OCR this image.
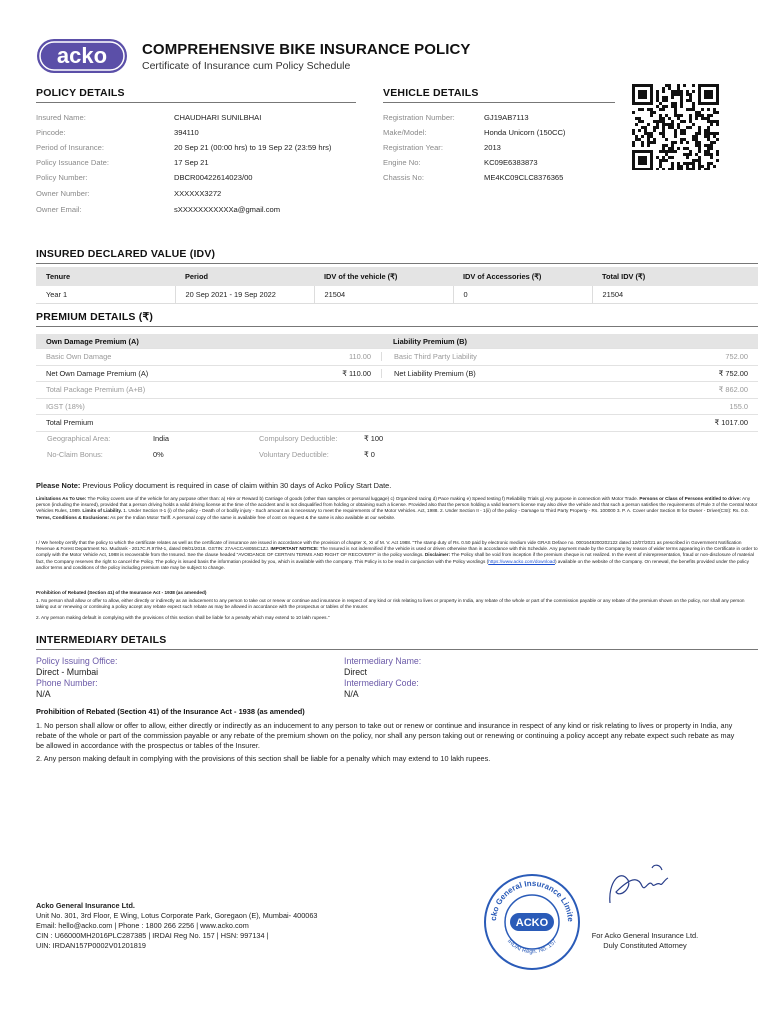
acko COMPREHENSIVE BIKE INSURANCE POLICY
Certificate of Insurance cum Policy Schedule
POLICY DETAILS
Insured Name:	CHAUDHARI SUNILBHAI
Pincode:	394110
Period of Insurance:	20 Sep 21 (00:00 hrs) to 19 Sep 22 (23:59 hrs)
Policy Issuance Date:	17 Sep 21
Policy Number:	DBCR00422614023/00
Owner Number:	XXXXXX3272
Owner Email:	sXXXXXXXXXXXa@gmail.com
VEHICLE DETAILS
Registration Number:	GJ19AB7113
Make/Model:	Honda Unicorn (150CC)
Registration Year:	2013
Engine No:	KC09E6383873
Chassis No:	ME4KC09CLC8376365
INSURED DECLARED VALUE (IDV)
Tenure	Period	IDV of the vehicle (₹)	IDV of Accessories (₹)	Total IDV (₹)
Year 1	20 Sep 2021 - 19 Sep 2022	21504	0	21504
PREMIUM DETAILS (₹)
Own Damage Premium (A)	Liability Premium (B)
Basic Own Damage	110.00	Basic Third Party Liability	752.00
Net Own Damage Premium (A)	₹ 110.00	Net Liability Premium (B)	₹ 752.00
Total Package Premium (A+B)	₹ 862.00
IGST (18%)	155.0
Total Premium	₹ 1017.00
Geographical Area:	India
No-Claim Bonus:	0%
Compulsory Deductible:	₹ 100
Voluntary Deductible:	₹ 0
Please Note: Previous Policy document is required in case of claim within 30 days of Acko Policy Start Date.
Limitations As To Use: The Policy covers use of the vehicle for any purpose other than: a) Hire or Reward b) Carriage of goods (other than samples or personal luggage) c) Organized racing d) Pace making e) Speed testing f) Reliability Trials g) Any purpose in connection with Motor Trade. Persons or Class of Persons entitled to drive: Any person (including the insured), provided that a person driving holds a valid driving license at the time of the accident and is not disqualified from holding or obtaining such a license. Provided also that the person holding a valid learner's license may also drive the vehicle and that such a person satisfies the requirements of Rule 3 of the Central Motor Vehicles Rules, 1989. Limits of Liability. 1. Under Section II-1 (i) of the policy - Death of or bodily injury - Such amount as is necessary to meet the requirements of the Motor Vehicles. Act, 1988. 2. Under Section II - 1(ii) of the policy - Damage to Third Party Property - Rs. 100000 3. P. A. Cover under Section III for Owner - Driver(CSI): Rs. 0.0. Terms, Conditions & Exclusions: As per the Indian Motor Tariff. A personal copy of the same is available free of cost on request & the same is also available at our website.
I / We hereby certify that the policy to which the certificate relates as well as the certificate of insurance are issued in accordance with the provision of chapter X, XI of M. V. Act 1988. "The stamp duty of Rs. 0.50 paid by electronic medium vide GRAS Deface no. 0001649200202122 dated 12/07/2021 as prescribed in Government Notification Revenue & Forest Department No. Mudrank - 2017C.R.97/M-1, dated 09/01/2018. GSTIN: 27AACCA8055C1ZJ. IMPORTANT NOTICE: The Insured is not indemnified if the vehicle is used or driven otherwise than in accordance with this Schedule. Any payment made by the Company by reason of wider terms appearing in the Certificate in order to comply with the Motor Vehicle Act, 1988 is recoverable from the Insured. See the clause headed "AVOIDANCE OF CERTAIN TERMS AND RIGHT OF RECOVERY" in the policy wordings. Disclaimer: The Policy shall be void from inception if the premium cheque is not realized. In the event of misrepresentation, fraud or non-disclosure of material fact, the Company reserves the right to cancel the Policy. The policy is issued basis the information provided by you, which is available with the company. This Policy is to be read in conjunction with the Policy wordings (https://www.acko.com/download) available on the website of the Company. On renewal, the benefits provided under the policy and/or terms and conditions of the policy including premium rate may be subject to change.
Prohibition of Rebated (Section 41) of the Insurance Act - 1938 (as amended)
1. No person shall allow or offer to allow, either directly or indirectly as an inducement to any person to take out or renew or continue and insurance in respect of any kind or risk relating to lives or property in India, any rebate of the whole or part of the commission payable or any rebate of the premium shown on the policy, nor shall any person taking out or renewing or continuing a policy accept any rebate expect such rebate as may be allowed in accordance with the prospectus or tables of the Insurer.
2. Any person making default in complying with the provisions of this section shall be liable for a penalty which may extend to 10 lakh rupees."
INTERMEDIARY DETAILS
Policy Issuing Office:
Direct - Mumbai
Phone Number:
N/A
Intermediary Name:
Direct
Intermediary Code:
N/A
Prohibition of Rebated (Section 41) of the Insurance Act - 1938 (as amended)
1. No person shall allow or offer to allow, either directly or indirectly as an inducement to any person to take out or renew or continue and insurance in respect of any kind or risk relating to lives or property in India, any rebate of the whole or part of the commission payable or any rebate of the premium shown on the policy, nor shall any person taking out or renewing or continuing a policy accept any rebate expect such rebate as may be allowed in accordance with the prospectus or tables of the Insurer.
2. Any person making default in complying with the provisions of this section shall be liable for a penalty which may extend to 10 lakh rupees.
Acko General Insurance Ltd.
Unit No. 301, 3rd Floor, E Wing, Lotus Corporate Park, Goregaon (E), Mumbai- 400063
Email: hello@acko.com | Phone : 1800 266 2256 | www.acko.com
CIN : U66000MH2016PLC287385 | IRDAI Reg No. 157 | HSN: 997134 |
UIN: IRDAN157P0002V01201819
cko General Insurance Limite
IRDAI Regn. No. 157
ACKO
For Acko General Insurance Ltd.
Duly Constituted Attorney
